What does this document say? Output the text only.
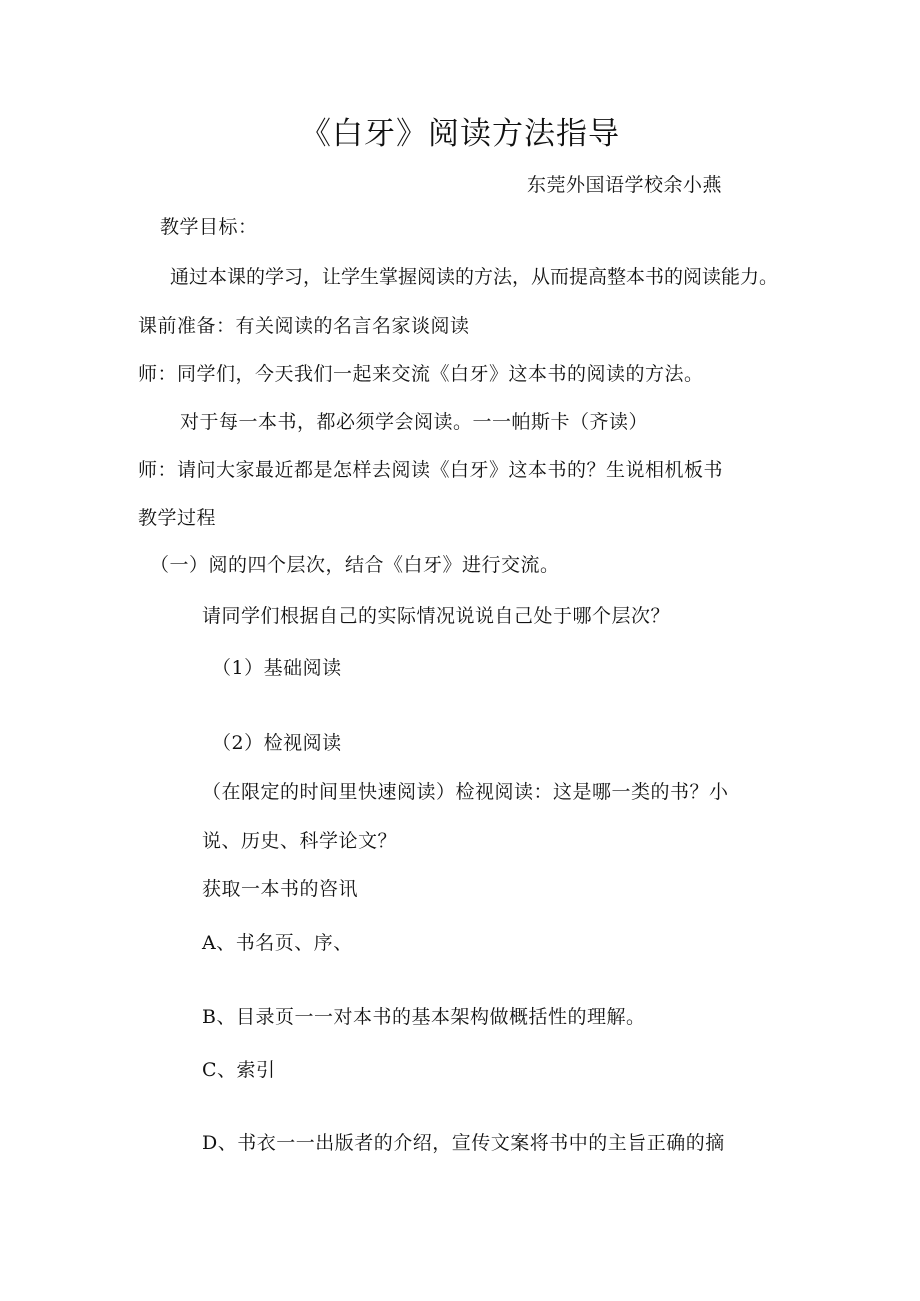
《白牙》阅读方法指导
东莞外国语学校余小燕
教学目标：
通过本课的学习，让学生掌握阅读的方法，从而提高整本书的阅读能力。
课前准备：有关阅读的名言名家谈阅读
师：同学们，今天我们一起来交流《白牙》这本书的阅读的方法。
对于每一本书，都必须学会阅读。一一帕斯卡（齐读）
师：请问大家最近都是怎样去阅读《白牙》这本书的？生说相机板书
教学过程
（一）阅的四个层次，结合《白牙》进行交流。
请同学们根据自己的实际情况说说自己处于哪个层次？
（1）基础阅读
（2）检视阅读
（在限定的时间里快速阅读）检视阅读：这是哪一类的书？小
说、历史、科学论文？
获取一本书的咨讯
A、书名页、序、
B、目录页一一对本书的基本架构做概括性的理解。
C、索引
D、书衣一一出版者的介绍，宣传文案将书中的主旨正确的摘
